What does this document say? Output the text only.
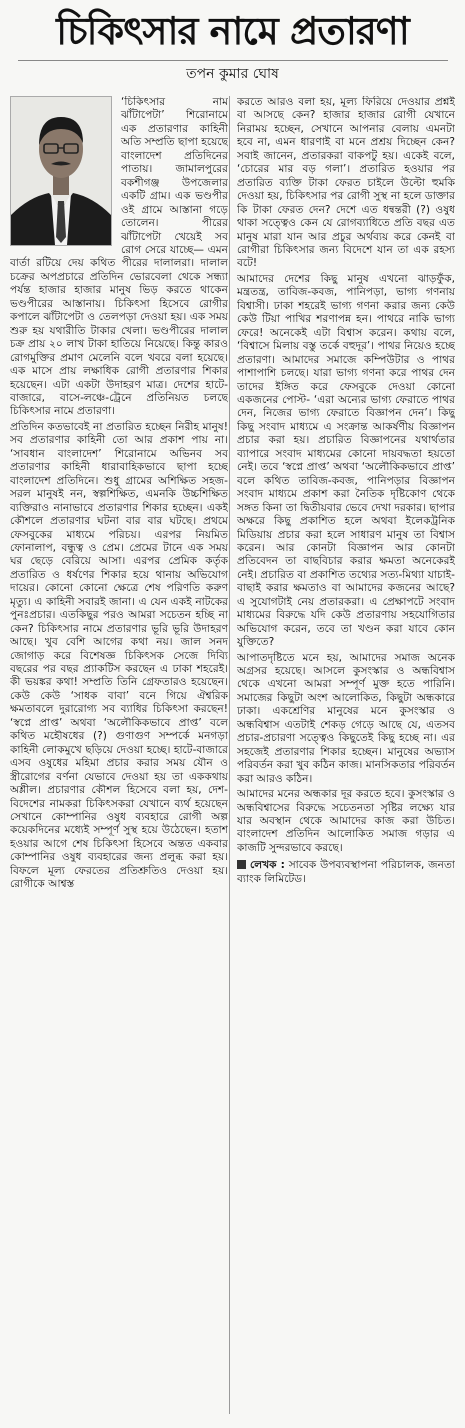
চিকিৎসার নামে প্রতারণা
তপন কুমার ঘোষ

‘চিকিৎসার নাম ঝাঁটাপেটা’ শিরোনামে এক প্রতারণার কাহিনী অতি সম্প্রতি ছাপা হয়েছে বাংলাদেশ প্রতিদিনের পাতায়। জামালপুরের বকশীগঞ্জ উপজেলার একটি গ্রাম। এক ভণ্ডপীর ওই গ্রামে আস্তানা গড়ে তোলেন। পীরের ঝাঁটাপেটা খেয়েই সব রোগ সেরে যাচ্ছে— এমন বার্তা রটিয়ে দেয় কথিত পীরের দালালরা। দালাল চক্রের অপপ্রচারে প্রতিদিন ভোরবেলা থেকে সন্ধ্যা পর্যন্ত হাজার হাজার মানুষ ভিড় করতে থাকেন ভণ্ডপীরের আস্তানায়। চিকিৎসা হিসেবে রোগীর কপালে ঝাঁটাপেটা ও তেলপড়া দেওয়া হয়। এক সময় শুরু হয় যথারীতি টাকার খেলা। ভণ্ডপীরের দালাল চক্র প্রায় ২০ লাখ টাকা হাতিয়ে নিয়েছে। কিন্তু কারও রোগমুক্তির প্রমাণ মেলেনি বলে খবরে বলা হয়েছে। এক মাসে প্রায় লক্ষাধিক রোগী প্রতারণার শিকার হয়েছেন। এটা একটা উদাহরণ মাত্র। দেশের হাটে-বাজারে, বাসে-লঞ্চে-ট্রেনে প্রতিনিয়ত চলছে চিকিৎসার নামে প্রতারণা।

প্রতিদিন কতভাবেই না প্রতারিত হচ্ছেন নিরীহ মানুষ! সব প্রতারণার কাহিনী তো আর প্রকাশ পায় না। ‘সাবধান বাংলাদেশ’ শিরোনামে অভিনব সব প্রতারণার কাহিনী ধারাবাহিকভাবে ছাপা হচ্ছে বাংলাদেশ প্রতিদিনে। শুধু গ্রামের অশিক্ষিত সহজ-সরল মানুষই নন, স্বল্পশিক্ষিত, এমনকি উচ্চশিক্ষিত ব্যক্তিরাও নানাভাবে প্রতারণার শিকার হচ্ছেন। একই কৌশলে প্রতারণার ঘটনা বার বার ঘটছে। প্রথমে ফেসবুকের মাধ্যমে পরিচয়। এরপর নিয়মিত ফোনালাপ, বন্ধুত্ব ও প্রেম। প্রেমের টানে এক সময় ঘর ছেড়ে বেরিয়ে আসা। এরপর প্রেমিক কর্তৃক প্রতারিত ও ধর্ষণের শিকার হয়ে থানায় অভিযোগ দায়ের। কোনো কোনো ক্ষেত্রে শেষ পরিণতি করুণ মৃত্যু। এ কাহিনী সবারই জানা। এ যেন একই নাটকের পুনঃপ্রচার। এতকিছুর পরও আমরা সচেতন হচ্ছি না কেন? চিকিৎসার নামে প্রতারণার ভূরি ভূরি উদাহরণ আছে। খুব বেশি আগের কথা নয়। জাল সনদ জোগাড় করে বিশেষজ্ঞ চিকিৎসক সেজে দিব্যি বছরের পর বছর প্র্যাকটিস করছেন এ ঢাকা শহরেই। কী ভয়ঙ্কর কথা! সম্প্রতি তিনি গ্রেফতারও হয়েছেন। কেউ কেউ ‘সাধক বাবা’ বনে গিয়ে ঐশ্বরিক ক্ষমতাবলে দুরারোগ্য সব ব্যাধির চিকিৎসা করছেন! ‘স্বপ্নে প্রাপ্ত’ অথবা ‘অলৌকিকভাবে প্রাপ্ত’ বলে কথিত মহৌষধের (?) গুণাগুণ সম্পর্কে মনগড়া কাহিনী লোকমুখে ছড়িয়ে দেওয়া হচ্ছে। হাটে-বাজারে এসব ওষুধের মহিমা প্রচার করার সময় যৌন ও স্ত্রীরোগের বর্ণনা যেভাবে দেওয়া হয় তা এককথায় অশ্লীল। প্রচারণার কৌশল হিসেবে বলা হয়, দেশ-বিদেশের নামকরা চিকিৎসকরা যেখানে ব্যর্থ হয়েছেন সেখানে কোম্পানির ওষুধ ব্যবহারে রোগী অল্প কয়েকদিনের মধ্যেই সম্পূর্ণ সুস্থ হয়ে উঠেছেন। হতাশ হওয়ার আগে শেষ চিকিৎসা হিসেবে অন্তত একবার কোম্পানির ওষুধ ব্যবহারের জন্য প্রলুব্ধ করা হয়। বিফলে মূল্য ফেরতের প্রতিশ্রুতিও দেওয়া হয়। রোগীকে আশ্বস্ত

করতে আরও বলা হয়, মূল্য ফিরিয়ে দেওয়ার প্রশ্নই বা আসছে কেন? হাজার হাজার রোগী যেখানে নিরাময় হচ্ছেন, সেখানে আপনার বেলায় এমনটা হবে না, এমন ধারণাই বা মনে প্রশ্রয় দিচ্ছেন কেন? সবাই জানেন, প্রতারকরা বাকপটু হয়। একেই বলে, ‘চোরের মার বড় গলা’। প্রতারিত হওয়ার পর প্রতারিত ব্যক্তি টাকা ফেরত চাইলে উল্টো হুমকি দেওয়া হয়, চিকিৎসার পর রোগী সুস্থ না হলে ডাক্তার কি টাকা ফেরত দেন? দেশে এত ধন্বন্তরী (?) ওষুধ থাকা সত্ত্বেও কেন যে রোগব্যাধিতে প্রতি বছর এত মানুষ মারা যান আর প্রচুর অর্থব্যয় করে কেনই বা রোগীরা চিকিৎসার জন্য বিদেশে যান তা এক রহস্য বটে!

আমাদের দেশের কিছু মানুষ এখনো ঝাড়ফুঁক, মন্ত্রতন্ত্র, তাবিজ-কবজ, পানিপড়া, ভাগ্য গণনায় বিশ্বাসী। ঢাকা শহরেই ভাগ্য গণনা করার জন্য কেউ কেউ টিয়া পাখির শরণাপন্ন হন। পাথরে নাকি ভাগ্য ফেরে! অনেকেই এটা বিশ্বাস করেন। কথায় বলে, ‘বিশ্বাসে মিলায় বস্তু তর্কে বহুদূর’। পাথর নিয়েও হচ্ছে প্রতারণা। আমাদের সমাজে কম্পিউটার ও পাথর পাশাপাশি চলছে। যারা ভাগ্য গণনা করে পাথর দেন তাদের ইঙ্গিত করে ফেসবুকে দেওয়া কোনো একজনের পোস্ট- ‘এরা অন্যের ভাগ্য ফেরাতে পাথর দেন, নিজের ভাগ্য ফেরাতে বিজ্ঞাপন দেন’। কিছু কিছু সংবাদ মাধ্যমে এ সংক্রান্ত আকর্ষণীয় বিজ্ঞাপন প্রচার করা হয়। প্রচারিত বিজ্ঞাপনের যথার্থতার ব্যাপারে সংবাদ মাধ্যমের কোনো দায়বদ্ধতা হয়তো নেই। তবে ‘স্বপ্নে প্রাপ্ত’ অথবা ‘অলৌকিকভাবে প্রাপ্ত’ বলে কথিত তাবিজ-কবজ, পানিপড়ার বিজ্ঞাপন সংবাদ মাধ্যমে প্রকাশ করা নৈতিক দৃষ্টিকোণ থেকে সঙ্গত কিনা তা দ্বিতীয়বার ভেবে দেখা দরকার। ছাপার অক্ষরে কিছু প্রকাশিত হলে অথবা ইলেকট্রনিক মিডিয়ায় প্রচার করা হলে সাধারণ মানুষ তা বিশ্বাস করেন। আর কোনটা বিজ্ঞাপন আর কোনটা প্রতিবেদন তা বাছবিচার করার ক্ষমতা অনেকেরই নেই। প্রচারিত বা প্রকাশিত তথ্যের সত্য-মিথ্যা যাচাই-বাছাই করার ক্ষমতাও বা আমাদের কজনের আছে? এ সুযোগটাই নেয় প্রতারকরা। এ প্রেক্ষাপটে সংবাদ মাধ্যমের বিরুদ্ধে যদি কেউ প্রতারণায় সহযোগিতার অভিযোগ করেন, তবে তা খণ্ডন করা যাবে কোন যুক্তিতে?

আপাতদৃষ্টিতে মনে হয়, আমাদের সমাজ অনেক অগ্রসর হয়েছে। আসলে কুসংস্কার ও অন্ধবিশ্বাস থেকে এখনো আমরা সম্পূর্ণ মুক্ত হতে পারিনি। সমাজের কিছুটা অংশ আলোকিত, কিছুটা অন্ধকারে ঢাকা। একশ্রেণির মানুষের মনে কুসংস্কার ও অন্ধবিশ্বাস এতটাই শেকড় গেড়ে আছে যে, এতসব প্রচার-প্রচারণা সত্ত্বেও কিছুতেই কিছু হচ্ছে না। এর সহজেই প্রতারণার শিকার হচ্ছেন। মানুষের অভ্যাস পরিবর্তন করা খুব কঠিন কাজ। মানসিকতার পরিবর্তন করা আরও কঠিন।

আমাদের মনের অন্ধকার দূর করতে হবে। কুসংস্কার ও অন্ধবিশ্বাসের বিরুদ্ধে সচেতনতা সৃষ্টির লক্ষ্যে যার যার অবস্থান থেকে আমাদের কাজ করা উচিত। বাংলাদেশ প্রতিদিন আলোকিত সমাজ গড়ার এ কাজটি সুন্দরভাবে করছে।

লেখক : সাবেক উপব্যবস্থাপনা পরিচালক, জনতা ব্যাংক লিমিটেড।
